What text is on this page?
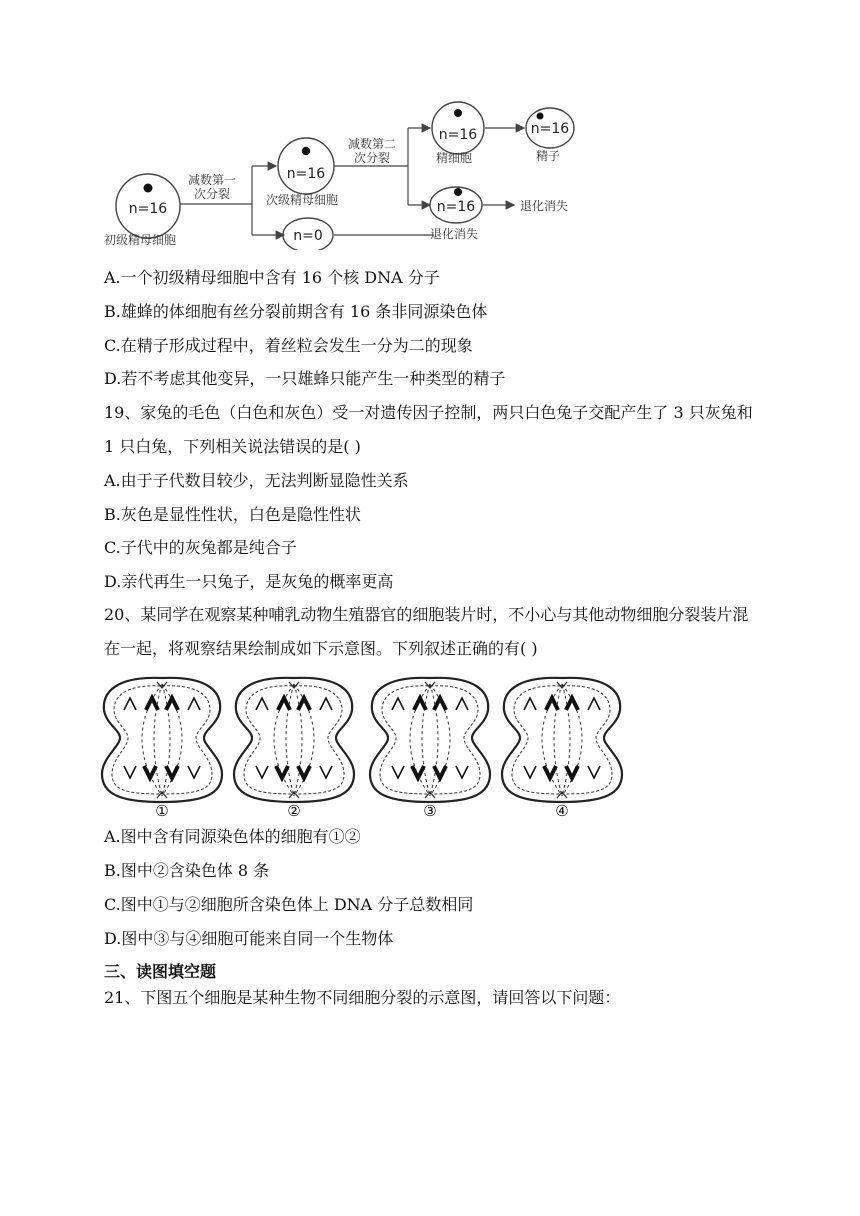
n=16
初级精母细胞
减数第一
次分裂
n=16
次级精母细胞
n=0	退化消失
减数第二
次分裂
n=16
精细胞
n=16
精子
n=16	退化消失
A.一个初级精母细胞中含有 16 个核 DNA 分子
B.雄蜂的体细胞有丝分裂前期含有 16 条非同源染色体
C.在精子形成过程中，着丝粒会发生一分为二的现象
D.若不考虑其他变异，一只雄蜂只能产生一种类型的精子
19、家兔的毛色（白色和灰色）受一对遗传因子控制，两只白色兔子交配产生了 3 只灰兔和 1 只白兔，下列相关说法错误的是( )
A.由于子代数目较少，无法判断显隐性关系
B.灰色是显性性状，白色是隐性性状
C.子代中的灰兔都是纯合子
D.亲代再生一只兔子，是灰兔的概率更高
20、某同学在观察某种哺乳动物生殖器官的细胞装片时，不小心与其他动物细胞分裂装片混在一起，将观察结果绘制成如下示意图。下列叙述正确的有( )
①	②	③	④
A.图中含有同源染色体的细胞有①②
B.图中②含染色体 8 条
C.图中①与②细胞所含染色体上 DNA 分子总数相同
D.图中③与④细胞可能来自同一个生物体
三、读图填空题
21、下图五个细胞是某种生物不同细胞分裂的示意图，请回答以下问题：
